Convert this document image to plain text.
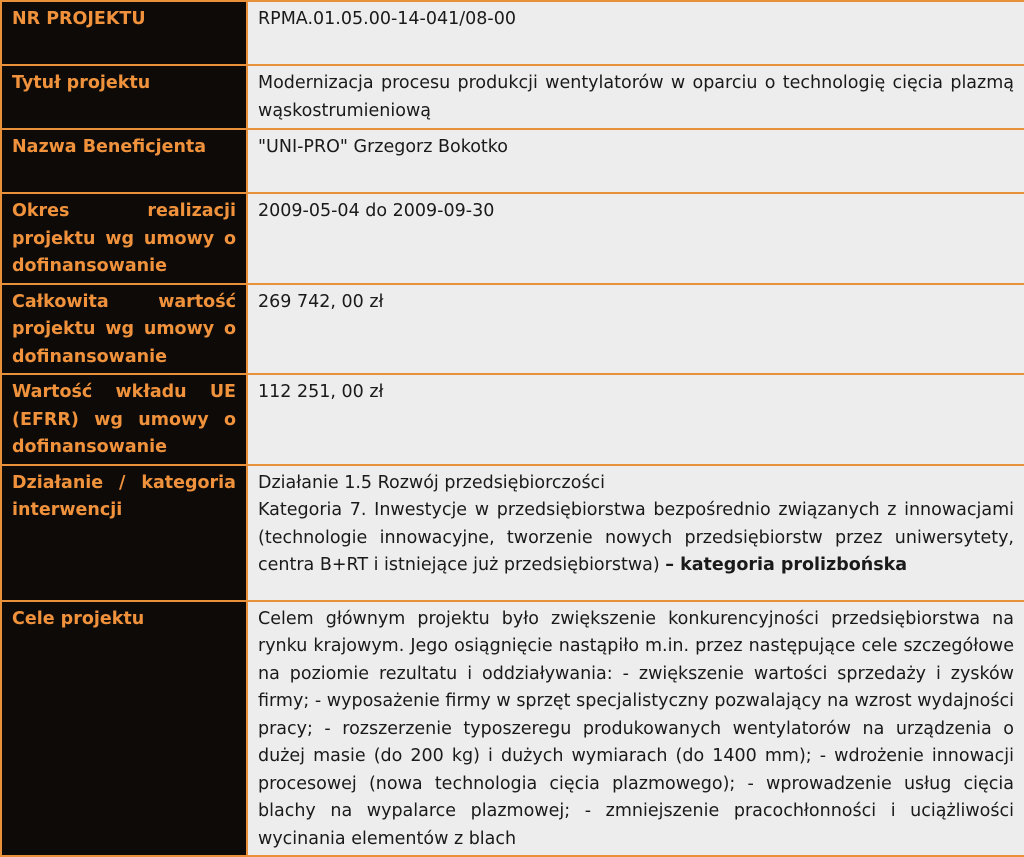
NR PROJEKTU	RPMA.01.05.00-14-041/08-00
Tytuł projektu	Modernizacja procesu produkcji wentylatorów w oparciu o technologię cięcia plazmą wąskostrumieniową
Nazwa Beneficjenta	"UNI-PRO" Grzegorz Bokotko
Okres realizacji projektu wg umowy o dofinansowanie	2009-05-04 do 2009-09-30
Całkowita wartość projektu wg umowy o dofinansowanie	269 742, 00 zł
Wartość wkładu UE (EFRR) wg umowy o dofinansowanie	112 251, 00 zł
Działanie / kategoria interwencji	Działanie 1.5 Rozwój przedsiębiorczości
Kategoria 7. Inwestycje w przedsiębiorstwa bezpośrednio związanych z innowacjami (technologie innowacyjne, tworzenie nowych przedsiębiorstw przez uniwersytety, centra B+RT i istniejące już przedsiębiorstwa) – kategoria prolizbońska
Cele projektu	Celem głównym projektu było zwiększenie konkurencyjności przedsiębiorstwa na rynku krajowym. Jego osiągnięcie nastąpiło m.in. przez następujące cele szczegółowe na poziomie rezultatu i oddziaływania: - zwiększenie wartości sprzedaży i zysków firmy; - wyposażenie firmy w sprzęt specjalistyczny pozwalający na wzrost wydajności pracy; - rozszerzenie typoszeregu produkowanych wentylatorów na urządzenia o dużej masie (do 200 kg) i dużych wymiarach (do 1400 mm); - wdrożenie innowacji procesowej (nowa technologia cięcia plazmowego); - wprowadzenie usług cięcia blachy na wypalarce plazmowej; - zmniejszenie pracochłonności i uciążliwości wycinania elementów z blach
